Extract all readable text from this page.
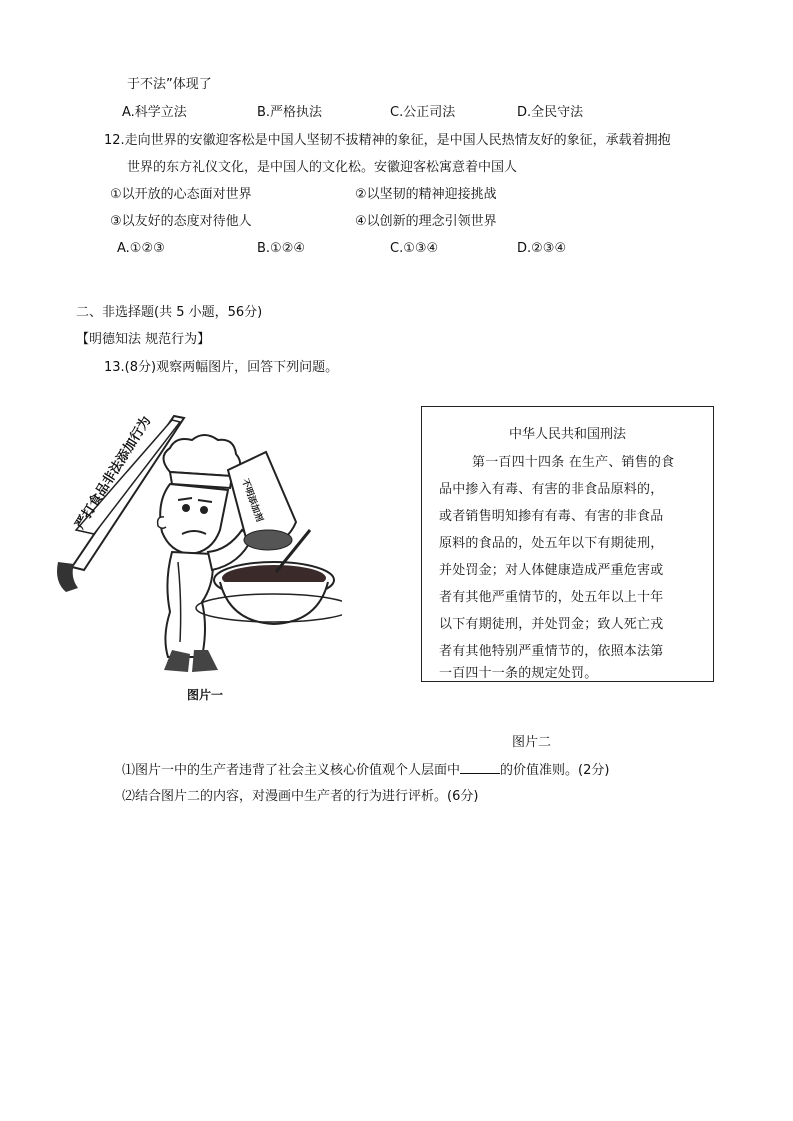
于不法”体现了
A.科学立法	B.严格执法	C.公正司法	D.全民守法
12.走向世界的安徽迎客松是中国人坚韧不拔精神的象征，是中国人民热情友好的象征，承载着拥抱
世界的东方礼仪文化，是中国人的文化松。安徽迎客松寓意着中国人
①以开放的心态面对世界	②以坚韧的精神迎接挑战
③以友好的态度对待他人	④以创新的理念引领世界
A.①②③	B.①②④	C.①③④	D.②③④
二、非选择题(共 5 小题，56分)
【明德知法 规范行为】
13.(8分)观察两幅图片，回答下列问题。
严打食品非法添加行为	不明添加剂
图片一
中华人民共和国刑法
第一百四十四条 在生产、销售的食
品中掺入有毒、有害的非食品原料的，
或者销售明知掺有有毒、有害的非食品
原料的食品的，处五年以下有期徒刑，
并处罚金；对人体健康造成严重危害或
者有其他严重情节的，处五年以上十年
以下有期徒刑，并处罚金；致人死亡戎
者有其他特别严重情节的，依照本法第
一百四十一条的规定处罚。
图片二
⑴图片一中的生产者违背了社会主义核心价值观个人层面中	的价值准则。(2分)
⑵结合图片二的内容，对漫画中生产者的行为进行评析。(6分)
